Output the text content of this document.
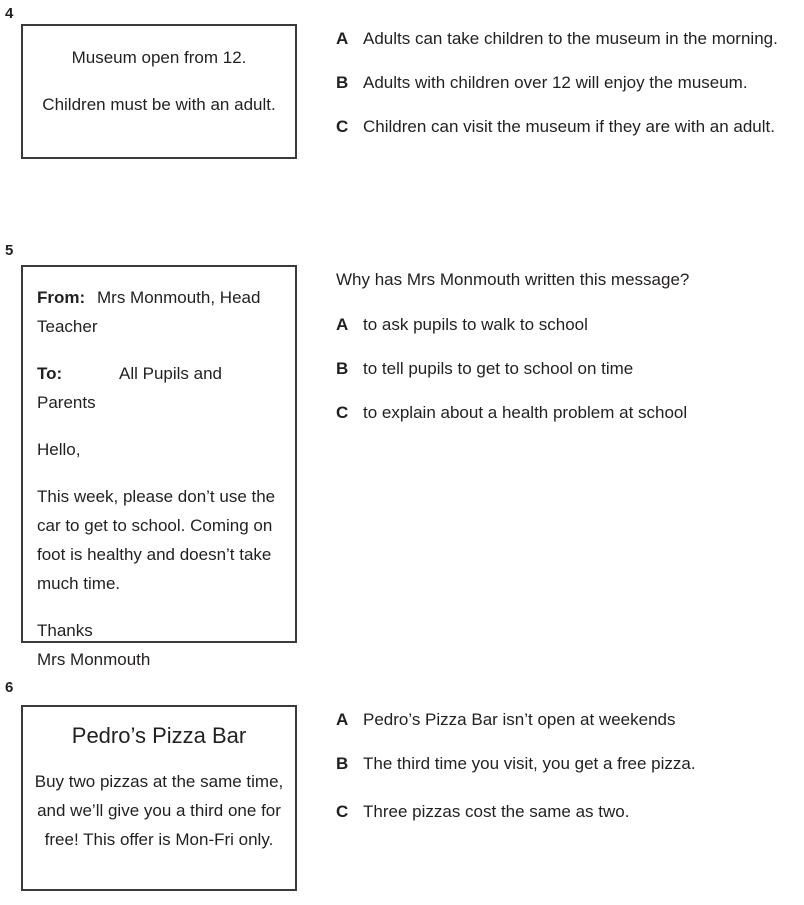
4

Museum open from 12.

Children must be with an adult.

A Adults can take children to the museum in the morning.
B Adults with children over 12 will enjoy the museum.
C Children can visit the museum if they are with an adult.
5

From: Mrs Monmouth, Head Teacher

To:	All Pupils and Parents

Hello,

This week, please don’t use the car to get to school. Coming on foot is healthy and doesn’t take much time.

Thanks

Mrs Monmouth

Why has Mrs Monmouth written this message?

A to ask pupils to walk to school
B to tell pupils to get to school on time
C to explain about a health problem at school
6

Pedro’s Pizza Bar

Buy two pizzas at the same time, and we’ll give you a third one for free! This offer is Mon-Fri only.

A Pedro’s Pizza Bar isn’t open at weekends
B The third time you visit, you get a free pizza.
C Three pizzas cost the same as two.
